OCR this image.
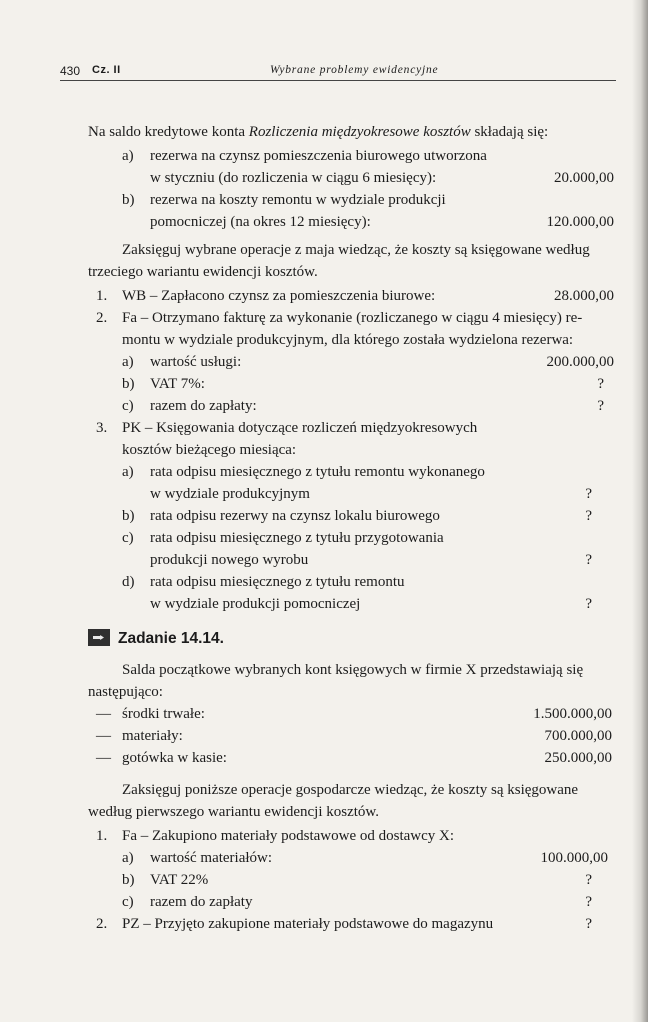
430 Cz. II	Wybrane problemy ewidencyjne
Na saldo kredytowe konta Rozliczenia międzyokresowe kosztów składają się:
a) rezerwa na czynsz pomieszczenia biurowego utworzona
w styczniu (do rozliczenia w ciągu 6 miesięcy):	20.000,00
b) rezerwa na koszty remontu w wydziale produkcji
pomocniczej (na okres 12 miesięcy):	120.000,00
Zaksięguj wybrane operacje z maja wiedząc, że koszty są księgowane według
trzeciego wariantu ewidencji kosztów.
1. WB – Zapłacono czynsz za pomieszczenia biurowe:	28.000,00
2. Fa – Otrzymano fakturę za wykonanie (rozliczanego w ciągu 4 miesięcy) re-
montu w wydziale produkcyjnym, dla którego została wydzielona rezerwa:
a) wartość usługi:	200.000,00
b) VAT 7%:	?
c) razem do zapłaty:	?
3. PK – Księgowania dotyczące rozliczeń międzyokresowych
kosztów bieżącego miesiąca:
a) rata odpisu miesięcznego z tytułu remontu wykonanego
w wydziale produkcyjnym	?
b) rata odpisu rezerwy na czynsz lokalu biurowego	?
c) rata odpisu miesięcznego z tytułu przygotowania
produkcji nowego wyrobu	?
d) rata odpisu miesięcznego z tytułu remontu
w wydziale produkcji pomocniczej	?
Zadanie 14.14.
Salda początkowe wybranych kont księgowych w firmie X przedstawiają się
następująco:
— środki trwałe:	1.500.000,00
— materiały:	700.000,00
— gotówka w kasie:	250.000,00
Zaksięguj poniższe operacje gospodarcze wiedząc, że koszty są księgowane
według pierwszego wariantu ewidencji kosztów.
1. Fa – Zakupiono materiały podstawowe od dostawcy X:
a) wartość materiałów:	100.000,00
b) VAT 22%	?
c) razem do zapłaty	?
2. PZ – Przyjęto zakupione materiały podstawowe do magazynu	?
